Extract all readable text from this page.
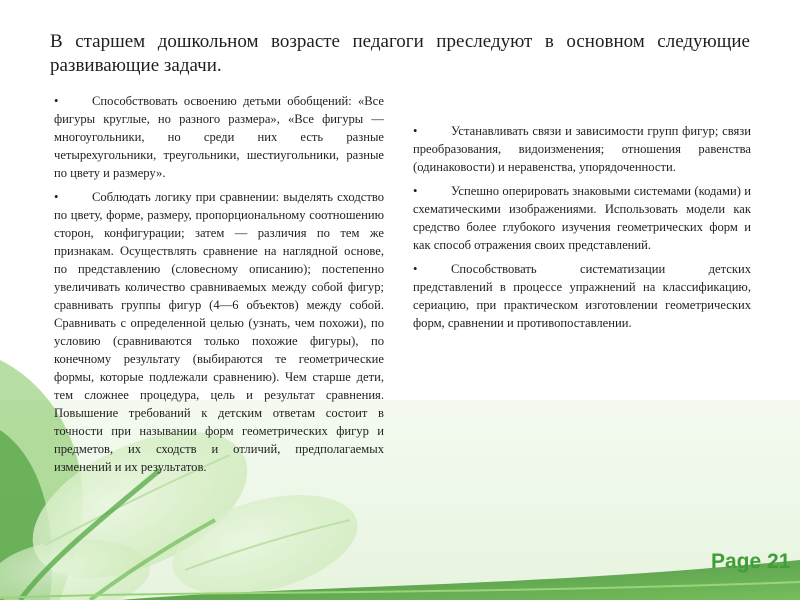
В старшем дошкольном возрасте педагоги преследуют в основном следующие развивающие задачи.
•	Способствовать освоению детьми обобщений: «Все фигуры круглые, но разного размера», «Все фигуры — многоугольники, но среди них есть разные четырехугольники, треугольники, шестиугольники, разные по цвету и размеру».
•	Соблюдать логику при сравнении: выделять сходство по цвету, форме, размеру, пропорциональному соотношению сторон, конфигурации; затем — различия по тем же признакам. Осуществлять сравнение на наглядной основе, по представлению (словесному описанию); постепенно увеличивать количество сравниваемых между собой фигур; сравнивать группы фигур (4—6 объектов) между собой. Сравнивать с определенной целью (узнать, чем похожи), по условию (сравниваются только похожие фигуры), по конечному результату (выбираются те геометрические формы, которые подлежали сравнению). Чем старше дети, тем сложнее процедура, цель и результат сравнения. Повышение требований к детским ответам состоит в точности при назывании форм геометрических фигур и предметов, их сходств и отличий, предполагаемых изменений и их результатов.
•	Устанавливать связи и зависимости групп фигур; связи преобразования, видоизменения; отношения равенства (одинаковости) и неравенства, упорядоченности.
•	Успешно оперировать знаковыми системами (кодами) и схематическими изображениями. Использовать модели как средство более глубокого изучения геометрических форм и как способ отражения своих представлений.
•	Способствовать систематизации детских представлений в процессе упражнений на классификацию, сериацию, при практическом изготовлении геометрических форм, сравнении и противопоставлении.
Page 21
